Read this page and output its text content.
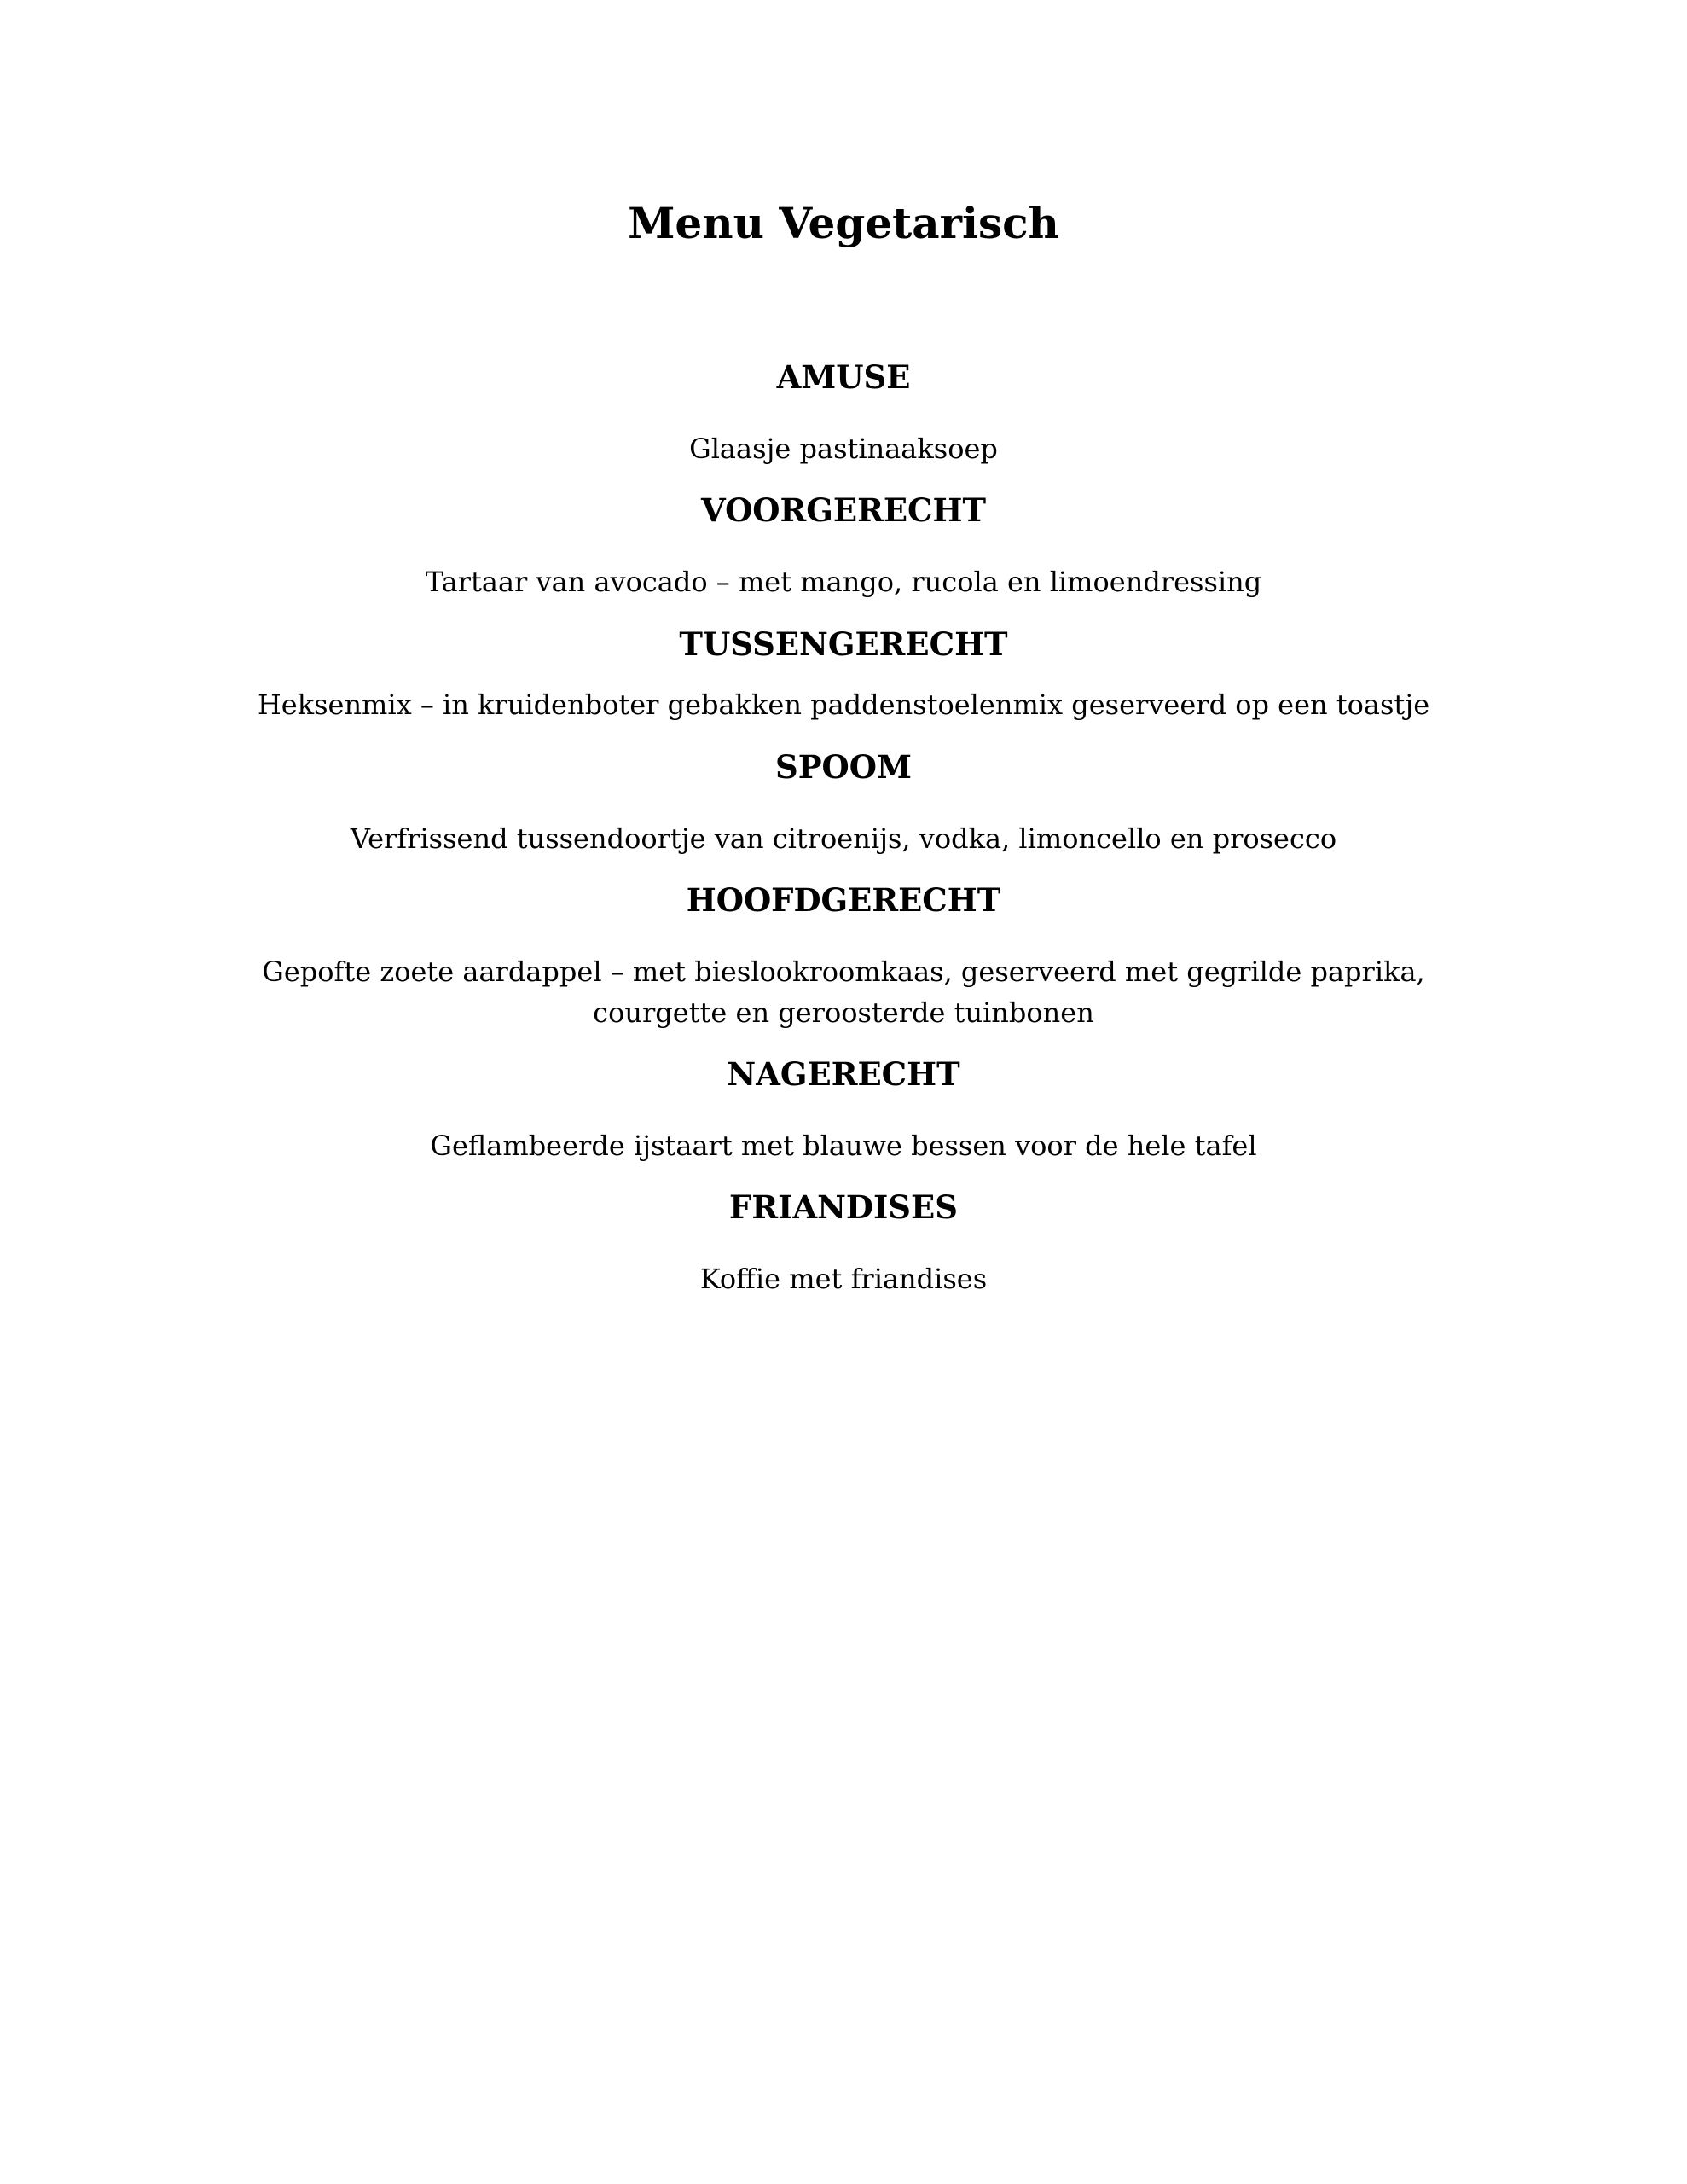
Menu Vegetarisch
AMUSE

Glaasje pastinaaksoep

VOORGERECHT

Tartaar van avocado – met mango, rucola en limoendressing

TUSSENGERECHT

Heksenmix – in kruidenboter gebakken paddenstoelenmix geserveerd op een toastje

SPOOM

Verfrissend tussendoortje van citroenijs, vodka, limoncello en prosecco

HOOFDGERECHT

Gepofte zoete aardappel – met bieslookroomkaas, geserveerd met gegrilde paprika,
courgette en geroosterde tuinbonen

NAGERECHT

Geflambeerde ijstaart met blauwe bessen voor de hele tafel

FRIANDISES

Koffie met friandises
